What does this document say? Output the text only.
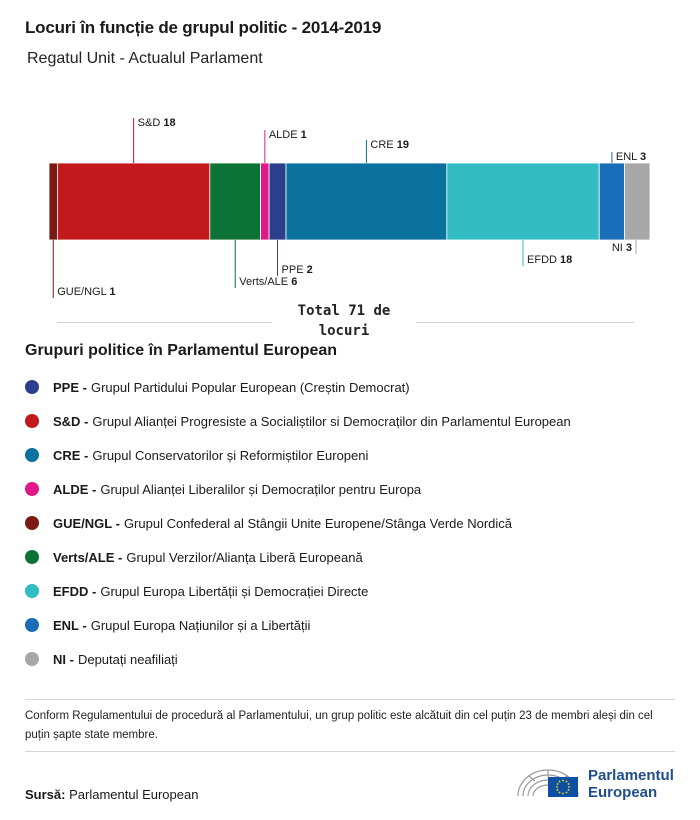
Locuri în funcție de grupul politic - 2014-2019
Regatul Unit - Actualul Parlament
GUE/NGL 1
S&D 18
Verts/ALE 6
ALDE 1
PPE 2
CRE 19
EFDD 18
ENL 3
NI 3
Total 71 de locuri
Grupuri politice în Parlamentul European
PPE - Grupul Partidului Popular European (Creștin Democrat)
S&D - Grupul Alianței Progresiste a Socialiștilor si Democraților din Parlamentul European
CRE - Grupul Conservatorilor și Reformiștilor Europeni
ALDE - Grupul Alianței Liberalilor și Democraților pentru Europa
GUE/NGL - Grupul Confederal al Stângii Unite Europene/Stânga Verde Nordică
Verts/ALE - Grupul Verzilor/Alianța Liberă Europeană
EFDD - Grupul Europa Libertății și Democrației Directe
ENL - Grupul Europa Națiunilor și a Libertății
NI - Deputați neafiliați
Conform Regulamentului de procedură al Parlamentului, un grup politic este alcătuit din cel puțin 23 de membri aleși din cel puțin șapte state membre.
Sursă: Parlamentul European
Parlamentul
European
